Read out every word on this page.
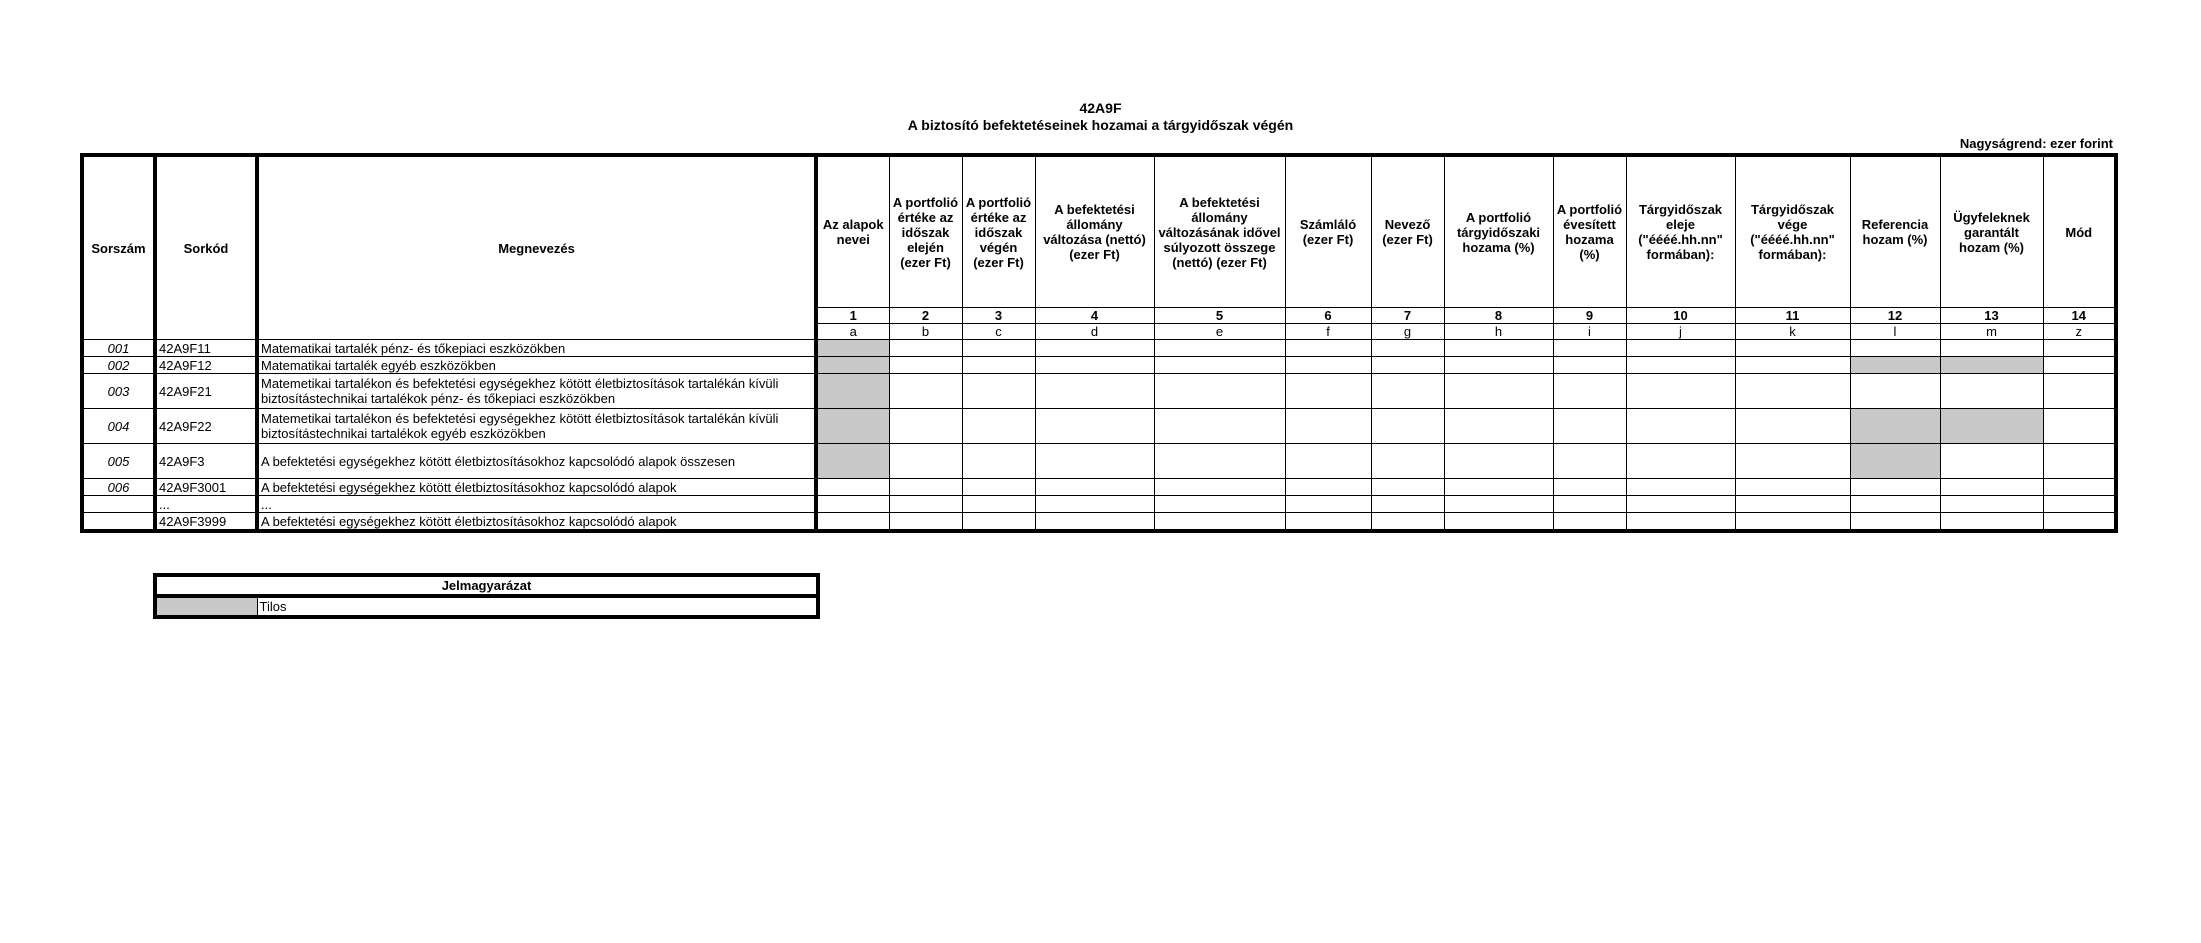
42A9F
A biztosító befektetéseinek hozamai a tárgyidőszak végén
Nagyságrend: ezer forint
Sorszám	Sorkód	Megnevezés	Az alapok nevei	A portfolió értéke az időszak elején (ezer Ft)	A portfolió értéke az időszak végén (ezer Ft)	A befektetési állomány változása (nettó) (ezer Ft)	A befektetési állomány változásának idővel súlyozott összege (nettó) (ezer Ft)	Számláló (ezer Ft)	Nevező (ezer Ft)	A portfolió tárgyidőszaki hozama (%)	A portfolió évesített hozama (%)	Tárgyidőszak eleje ("éééé.hh.nn" formában):	Tárgyidőszak vége ("éééé.hh.nn" formában):	Referencia hozam (%)	Ügyfeleknek garantált hozam (%)	Mód
			1	2	3	4	5	6	7	8	9	10	11	12	13	14
			a	b	c	d	e	f	g	h	i	j	k	l	m	z
001	42A9F11	Matematikai tartalék pénz- és tőkepiaci eszközökben														
002	42A9F12	Matematikai tartalék egyéb eszközökben														
003	42A9F21	Matemetikai tartalékon és befektetési egységekhez kötött életbiztosítások tartalékán kívüli biztosítástechnikai tartalékok pénz- és tőkepiaci eszközökben														
004	42A9F22	Matemetikai tartalékon és befektetési egységekhez kötött életbiztosítások tartalékán kívüli biztosítástechnikai tartalékok egyéb eszközökben														
005	42A9F3	A befektetési egységekhez kötött életbiztosításokhoz kapcsolódó alapok összesen														
006	42A9F3001	A befektetési egységekhez kötött életbiztosításokhoz kapcsolódó alapok														
	...	...														
	42A9F3999	A befektetési egységekhez kötött életbiztosításokhoz kapcsolódó alapok														
Jelmagyarázat
	Tilos
